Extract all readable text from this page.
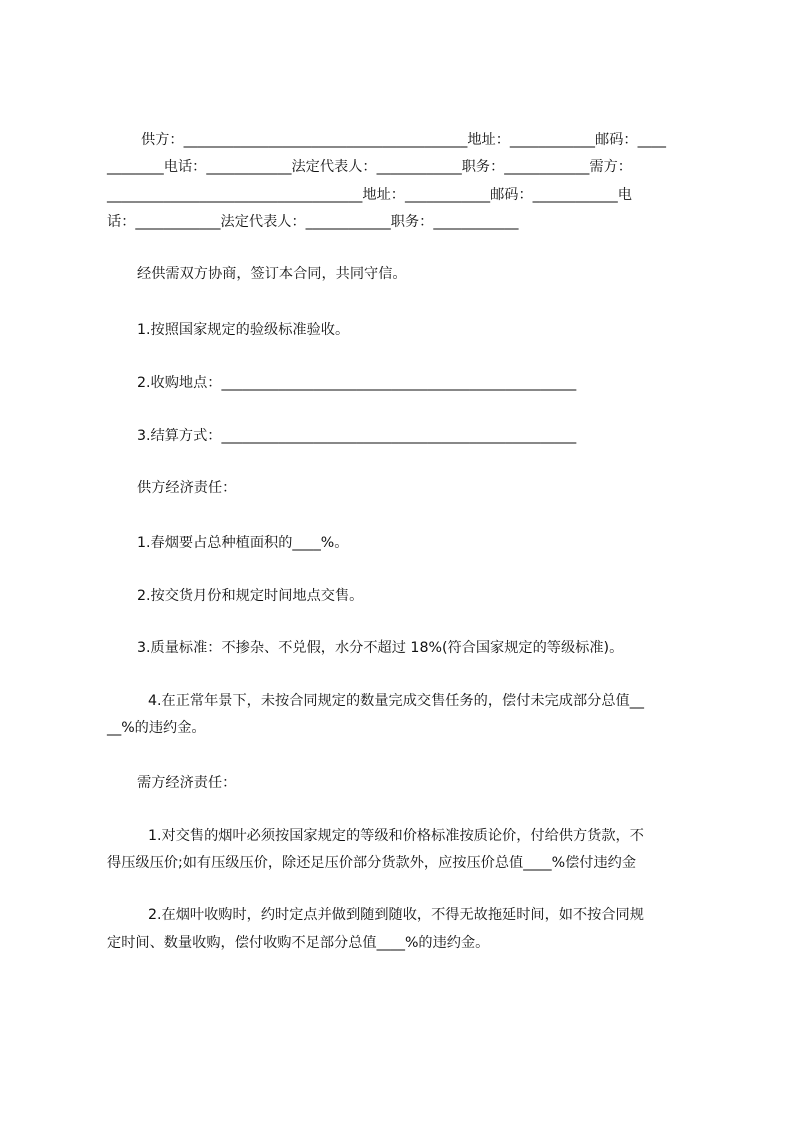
供方：________________________________________地址：____________邮码：____
________电话：____________法定代表人：____________职务：____________需方：
____________________________________地址：____________邮码：____________电
话：____________法定代表人：____________职务：____________
经供需双方协商，签订本合同，共同守信。
1.按照国家规定的验级标准验收。
2.收购地点：__________________________________________________
3.结算方式：__________________________________________________
供方经济责任：
1.春烟要占总种植面积的____%。
2.按交货月份和规定时间地点交售。
3.质量标准：不掺杂、不兑假，水分不超过 18%(符合国家规定的等级标准)。
4.在正常年景下，未按合同规定的数量完成交售任务的，偿付未完成部分总值__
__%的违约金。
需方经济责任：
1.对交售的烟叶必须按国家规定的等级和价格标准按质论价，付给供方货款，不
得压级压价;如有压级压价，除还足压价部分货款外，应按压价总值____%偿付违约金
2.在烟叶收购时，约时定点并做到随到随收，不得无故拖延时间，如不按合同规
定时间、数量收购，偿付收购不足部分总值____%的违约金。
